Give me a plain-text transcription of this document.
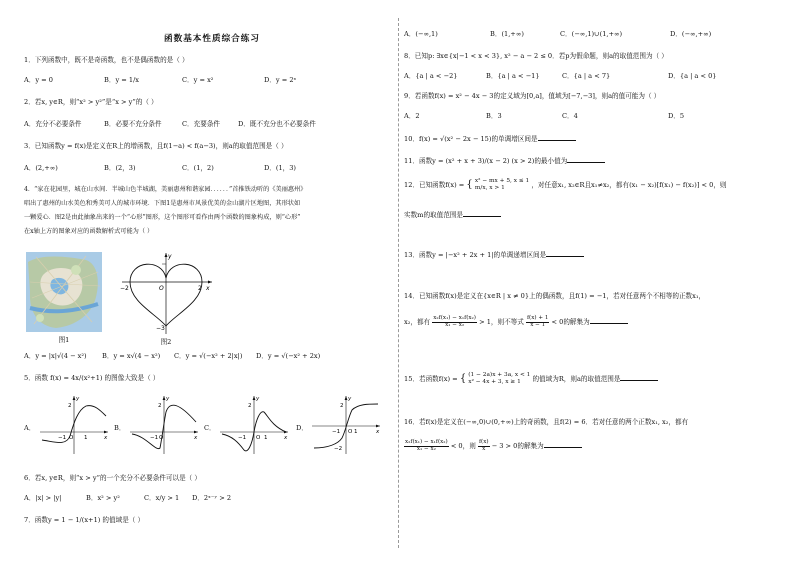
函数基本性质综合练习
1．下列函数中，既不是奇函数，也不是偶函数的是（ ）
A．y = 0	B．y = 1/x	C．y = x²	D．y = 2ˣ
2．若x, y∈R，则“x² > y²”是“x > y”的（ ）
A．充分不必要条件	B．必要不充分条件	C．充要条件	D．既不充分也不必要条件
3．已知函数y = f(x)是定义在R上的增函数，且f(1−a) < f(a−3)，则a的取值范围是（ ）
A．(2,+∞)	B．(2，3)	C．(1，2)	D．(1，3)
4．“家在花园里，城在山水间．半城山色半城湖，美丽惠州和谐家园．．．．．．”首推铁动听的《美丽惠州》
唱出了惠州的山水美色和秀美可人的城市环境．下图1是惠州市风景优美的金山湖片区地图，其形状如
一颗爱心．图2是由此抽象出来的一个“心形”图形，这个图形可看作由两个函数的图象构成，则“心形”
在x轴上方的图象对应的函数解析式可能为（ ）
图1
y
x
O	2
−2
−3
图2
A．y = |x|√(4 − x²)	B．y = x√(4 − x²)	C．y = √(−x² + 2|x|)	D．y = √(−x² + 2x)
5．函数 f(x) = 4x/(x²+1) 的图像大致是（ ）
A．
y
x
2
−1 O 1
B．
y
x
2
−1 O
C．
y
x
2
−1 O 1
D．
y
x
2
−1 O 1
−2
6．若x, y∈R，则“x > y”的一个充分不必要条件可以是（ ）
A．|x| > |y|	B．x² > y²	C．x/y > 1	D．2ˣ⁻ʸ > 2
7．函数y = 1 − 1/(x+1) 的值域是（ ）
A．(−∞,1)	B．(1,+∞)	C．(−∞,1)∪(1,+∞)	D．(−∞,+∞)
8．已知p: ∃x∈{x|−1 < x < 3}, x² − a − 2 ≤ 0．若p为假命题，则a的取值范围为（ ）
A．{a | a < −2}	B．{a | a < −1}	C．{a | a < 7}	D．{a | a < 0}
9．若函数f(x) = x² − 4x − 3的定义域为[0,a]，值域为[−7,−3]，则a的值可能为（ ）
A．2	B．3	C．4	D．5
10．f(x) = √(x² − 2x − 15)的单调增区间是
11．函数y = (x² + x + 3)/(x − 2) (x > 2)的最小值为
12．已知函数f(x) = { x² − mx + 5, x ≤ 1
m/x, x > 1	，对任意x₁, x₂∈R且x₁≠x₂，都有(x₁ − x₂)[f(x₁) − f(x₂)] < 0，则
实数m的取值范围是
13．函数y = |−x² + 2x + 1|的单调递增区间是
14．已知函数f(x)是定义在{x∈R | x ≠ 0}上的偶函数，且f(1) = −1，若对任意两个不相等的正数x₁，
x₂，都有 $\frac{\text{x₂f(x₁) − x₁f(x₂)}}{\text{x₁ − x₂}} > 1$，则不等式 $\frac{f(x) + 1}{x - 1} < 0$的解集为
15．若函数f(x) = { (1 − 2a)x + 3a, x < 1
x² − 4x + 3, x ≥ 1	的值域为R，则a的取值范围是
16．若f(x)是定义在(−∞,0)∪(0,+∞)上的奇函数，且f(2) = 6．若对任意的两个正数x₁, x₂，都有
$\frac{\text{x₂f(x₁) − x₁f(x₂)}}{\text{x₁ − x₂}} < 0$，则 $\frac{f(x)}{x} - 3 > 0$的解集为
